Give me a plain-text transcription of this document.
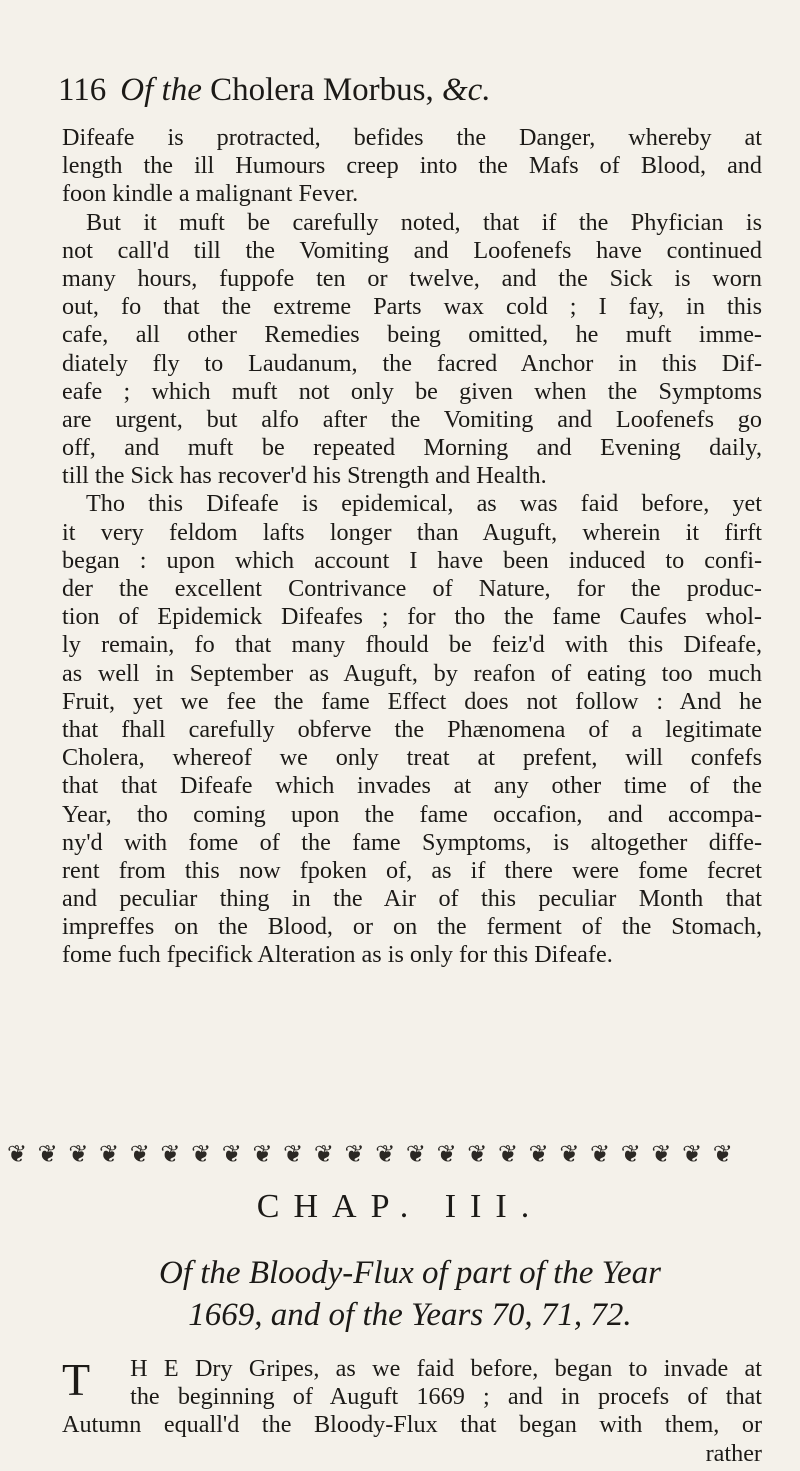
116 Of the Cholera Morbus, &c.
Difeafe is protracted, befides the Danger, whereby at
length the ill Humours creep into the Mafs of Blood, and
foon kindle a malignant Fever.
But it muft be carefully noted, that if the Phyfician is
not call'd till the Vomiting and Loofenefs have continued
many hours, fuppofe ten or twelve, and the Sick is worn
out, fo that the extreme Parts wax cold ; I fay, in this
cafe, all other Remedies being omitted, he muft imme-
diately fly to Laudanum, the facred Anchor in this Dif-
eafe ; which muft not only be given when the Symptoms
are urgent, but alfo after the Vomiting and Loofenefs go
off, and muft be repeated Morning and Evening daily,
till the Sick has recover'd his Strength and Health.
Tho this Difeafe is epidemical, as was faid before, yet
it very feldom lafts longer than Auguft, wherein it firft
began : upon which account I have been induced to confi-
der the excellent Contrivance of Nature, for the produc-
tion of Epidemick Difeafes ; for tho the fame Caufes whol-
ly remain, fo that many fhould be feiz'd with this Difeafe,
as well in September as Auguft, by reafon of eating too much
Fruit, yet we fee the fame Effect does not follow : And he
that fhall carefully obferve the Phænomena of a legitimate
Cholera, whereof we only treat at prefent, will confefs
that that Difeafe which invades at any other time of the
Year, tho coming upon the fame occafion, and accompa-
ny'd with fome of the fame Symptoms, is altogether diffe-
rent from this now fpoken of, as if there were fome fecret
and peculiar thing in the Air of this peculiar Month that
impreffes on the Blood, or on the ferment of the Stomach,
fome fuch fpecifick Alteration as is only for this Difeafe.
❦ ❦ ❦ ❦ ❦ ❦ ❦ ❦ ❦ ❦ ❦ ❦ ❦ ❦ ❦ ❦ ❦ ❦ ❦ ❦ ❦ ❦ ❦ ❦
CHAP. III.
Of the Bloody-Flux of part of the Year
1669, and of the Years 70, 71, 72.
T	H E Dry Gripes, as we faid before, began to invade at
the beginning of Auguft 1669 ; and in procefs of that
Autumn equall'd the Bloody-Flux that began with them, or
rather
